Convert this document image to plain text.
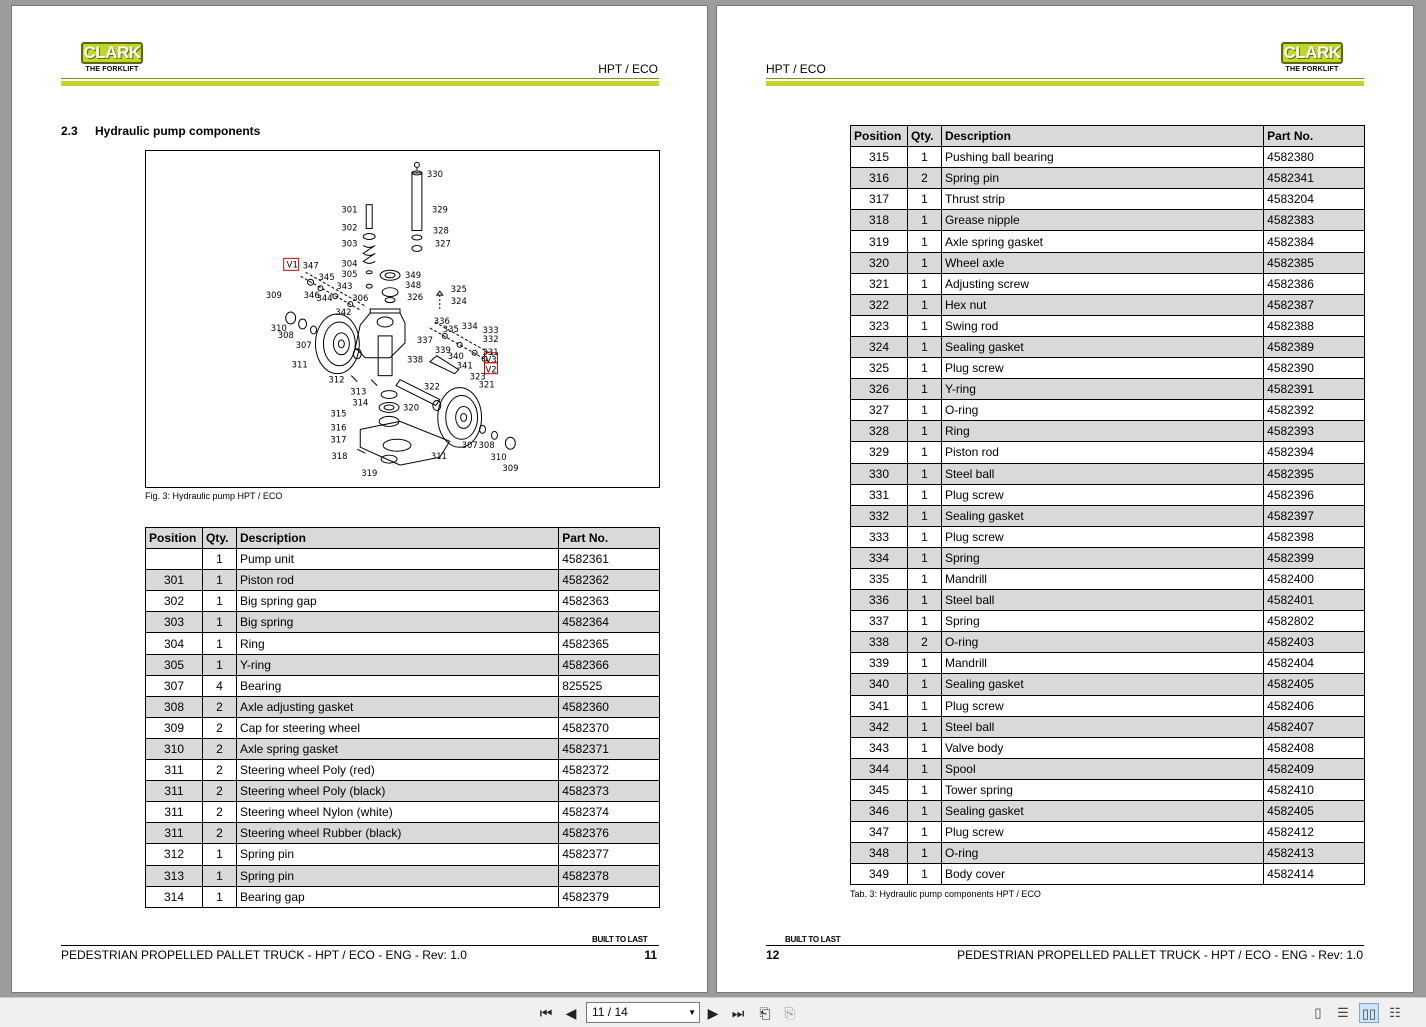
CLARK
THE FORKLIFT	HPT / ECO
2.3 Hydraulic pump components
301
302
303
304
305
306
307
308
309
310
311
312
313
314
315
316
317
318
319
320
321
322
323
324
325
326
327
328
329
330
331
332
333
334
335
336
337
338
339
340
341
342
343
344
345
346
347
348
349
V1
V2
V3
307 308
309
310
311
Fig. 3: Hydraulic pump HPT / ECO
Position	Qty.	Description	Part No.
	1	Pump unit	4582361
301	1	Piston rod	4582362
302	1	Big spring gap	4582363
303	1	Big spring	4582364
304	1	Ring	4582365
305	1	Y-ring	4582366
307	4	Bearing	825525
308	2	Axle adjusting gasket	4582360
309	2	Cap for steering wheel	4582370
310	2	Axle spring gasket	4582371
311	2	Steering wheel Poly (red)	4582372
311	2	Steering wheel Poly (black)	4582373
311	2	Steering wheel Nylon (white)	4582374
311	2	Steering wheel Rubber (black)	4582376
312	1	Spring pin	4582377
313	1	Spring pin	4582378
314	1	Bearing gap	4582379
BUILT TO LAST
PEDESTRIAN PROPELLED PALLET TRUCK - HPT / ECO - ENG - Rev: 1.0	11
HPT / ECO
CLARK
THE FORKLIFT
Position	Qty.	Description	Part No.
315	1	Pushing ball bearing	4582380
316	2	Spring pin	4582341
317	1	Thrust strip	4583204
318	1	Grease nipple	4582383
319	1	Axle spring gasket	4582384
320	1	Wheel axle	4582385
321	1	Adjusting screw	4582386
322	1	Hex nut	4582387
323	1	Swing rod	4582388
324	1	Sealing gasket	4582389
325	1	Plug screw	4582390
326	1	Y-ring	4582391
327	1	O-ring	4582392
328	1	Ring	4582393
329	1	Piston rod	4582394
330	1	Steel ball	4582395
331	1	Plug screw	4582396
332	1	Sealing gasket	4582397
333	1	Plug screw	4582398
334	1	Spring	4582399
335	1	Mandrill	4582400
336	1	Steel ball	4582401
337	1	Spring	4582802
338	2	O-ring	4582403
339	1	Mandrill	4582404
340	1	Sealing gasket	4582405
341	1	Plug screw	4582406
342	1	Steel ball	4582407
343	1	Valve body	4582408
344	1	Spool	4582409
345	1	Tower spring	4582410
346	1	Sealing gasket	4582405
347	1	Plug screw	4582412
348	1	O-ring	4582413
349	1	Body cover	4582414
Tab. 3: Hydraulic pump components HPT / ECO
BUILT TO LAST
12	PEDESTRIAN PROPELLED PALLET TRUCK - HPT / ECO - ENG - Rev: 1.0
⏮ ◀	11 / 14	▼ ▶ ⏭	⎗ ⎘	▯	☰	▯▯	☷
